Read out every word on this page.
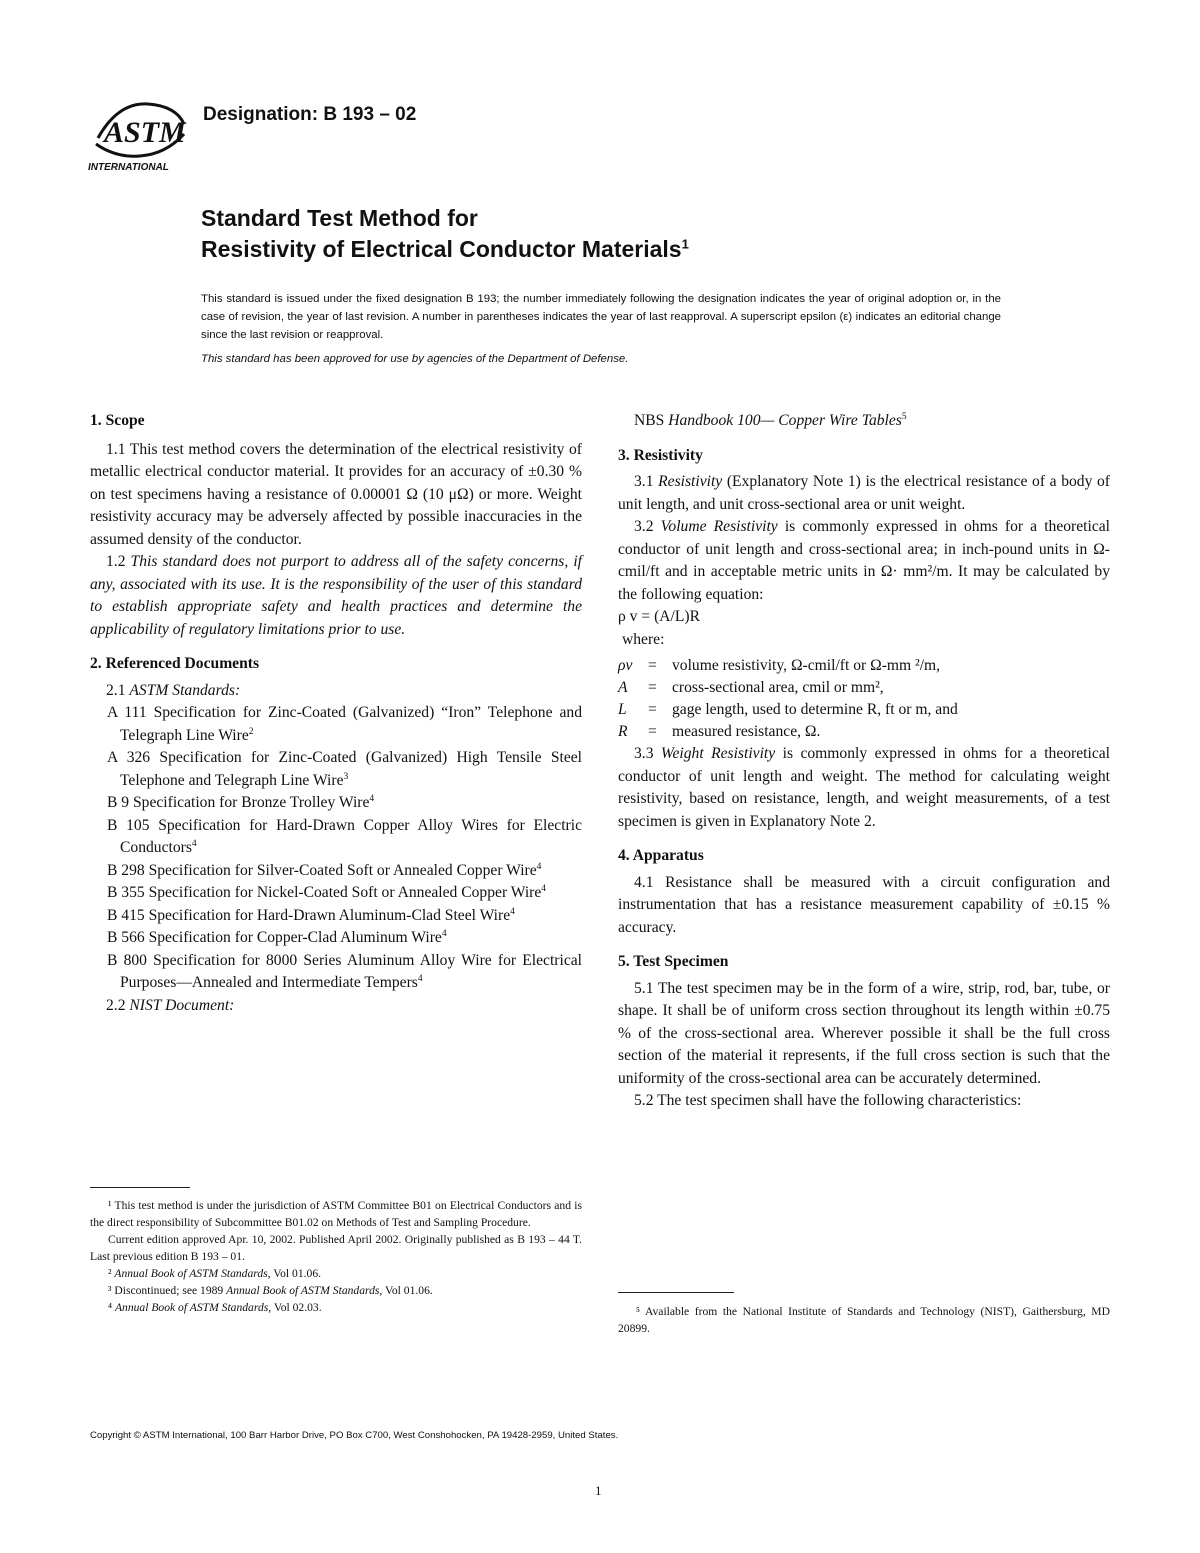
ASTM
INTERNATIONAL
Designation: B 193 – 02
Standard Test Method for
Resistivity of Electrical Conductor Materials$^1$

This standard is issued under the fixed designation B 193; the number immediately following the designation indicates the year of original adoption or, in the case of revision, the year of last revision. A number in parentheses indicates the year of last reapproval. A superscript epsilon (ε) indicates an editorial change since the last revision or reapproval.

This standard has been approved for use by agencies of the Department of Defense.

1. Scope

1.1 This test method covers the determination of the electrical resistivity of metallic electrical conductor material. It provides for an accuracy of ±0.30 % on test specimens having a resistance of 0.00001 Ω (10 μΩ) or more. Weight resistivity accuracy may be adversely affected by possible inaccuracies in the assumed density of the conductor.

1.2 This standard does not purport to address all of the safety concerns, if any, associated with its use. It is the responsibility of the user of this standard to establish appropriate safety and health practices and determine the applicability of regulatory limitations prior to use.

2. Referenced Documents

2.1 ASTM Standards:

A 111 Specification for Zinc-Coated (Galvanized) “Iron” Telephone and Telegraph Line Wire$^2$

A 326 Specification for Zinc-Coated (Galvanized) High Tensile Steel Telephone and Telegraph Line Wire$^3$

B 9 Specification for Bronze Trolley Wire$^4$

B 105 Specification for Hard-Drawn Copper Alloy Wires for Electric Conductors$^4$

B 298 Specification for Silver-Coated Soft or Annealed Copper Wire$^4$

B 355 Specification for Nickel-Coated Soft or Annealed Copper Wire$^4$

B 415 Specification for Hard-Drawn Aluminum-Clad Steel Wire$^4$

B 566 Specification for Copper-Clad Aluminum Wire$^4$

B 800 Specification for 8000 Series Aluminum Alloy Wire for Electrical Purposes—Annealed and Intermediate Tempers$^4$

2.2 NIST Document:

¹ This test method is under the jurisdiction of ASTM Committee B01 on Electrical Conductors and is the direct responsibility of Subcommittee B01.02 on Methods of Test and Sampling Procedure.

Current edition approved Apr. 10, 2002. Published April 2002. Originally published as B 193 – 44 T. Last previous edition B 193 – 01.

² Annual Book of ASTM Standards, Vol 01.06.

³ Discontinued; see 1989 Annual Book of ASTM Standards, Vol 01.06.

⁴ Annual Book of ASTM Standards, Vol 02.03.

NBS Handbook 100— Copper Wire Tables$^5$

3. Resistivity

3.1 Resistivity (Explanatory Note 1) is the electrical resistance of a body of unit length, and unit cross-sectional area or unit weight.

3.2 Volume Resistivity is commonly expressed in ohms for a theoretical conductor of unit length and cross-sectional area; in inch-pound units in Ω-cmil/ft and in acceptable metric units in Ω· mm²/m. It may be calculated by the following equation:

ρ v = (A/L)R

where:

ρv = volume resistivity, Ω-cmil/ft or Ω-mm ²/m,
A	= cross-sectional area, cmil or mm²,
L	= gage length, used to determine R, ft or m, and
R	= measured resistance, Ω.

3.3 Weight Resistivity is commonly expressed in ohms for a theoretical conductor of unit length and weight. The method for calculating weight resistivity, based on resistance, length, and weight measurements, of a test specimen is given in Explanatory Note 2.

4. Apparatus

4.1 Resistance shall be measured with a circuit configuration and instrumentation that has a resistance measurement capability of ±0.15 % accuracy.

5. Test Specimen

5.1 The test specimen may be in the form of a wire, strip, rod, bar, tube, or shape. It shall be of uniform cross section throughout its length within ±0.75 % of the cross-sectional area. Wherever possible it shall be the full cross section of the material it represents, if the full cross section is such that the uniformity of the cross-sectional area can be accurately determined.

5.2 The test specimen shall have the following characteristics:

⁵ Available from the National Institute of Standards and Technology (NIST), Gaithersburg, MD 20899.

Copyright © ASTM International, 100 Barr Harbor Drive, PO Box C700, West Conshohocken, PA 19428-2959, United States.
1
